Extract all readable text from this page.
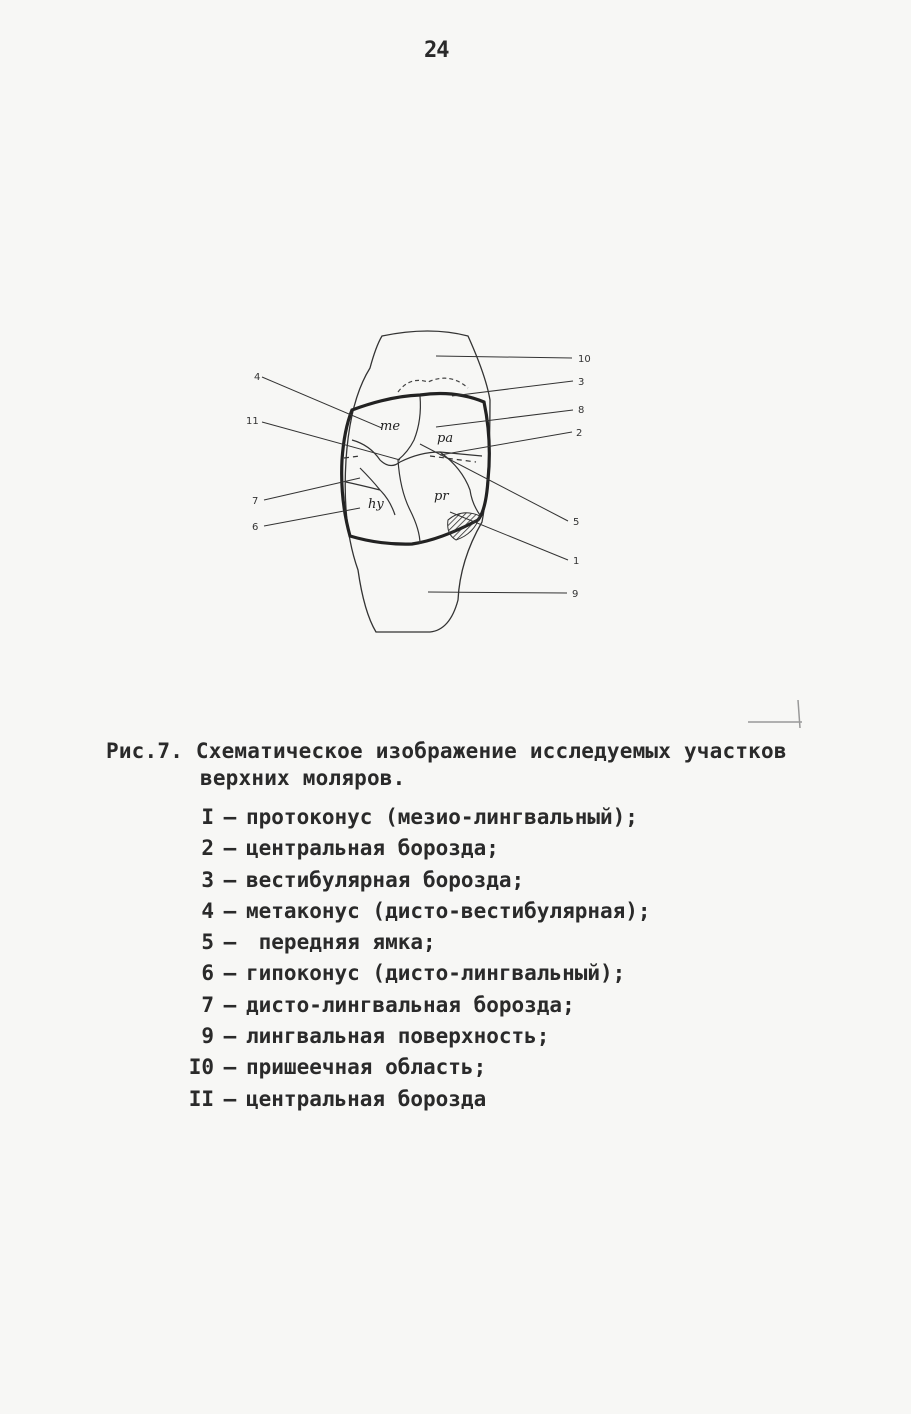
24
me
pa
hy
pr
10
3
8
2
5
1
9
4
11
7
6
Рис.7. Схематическое изображение исследуемых участков
верхних моляров.
I – протоконус (мезио-лингвальный);
2 – центральная борозда;
3 – вестибулярная борозда;
4 – метаконус (дисто-вестибулярная);
5 – передняя ямка;
6 – гипоконус (дисто-лингвальный);
7 – дисто-лингвальная борозда;
9 – лингвальная поверхность;
I0 – пришеечная область;
II – центральная борозда
